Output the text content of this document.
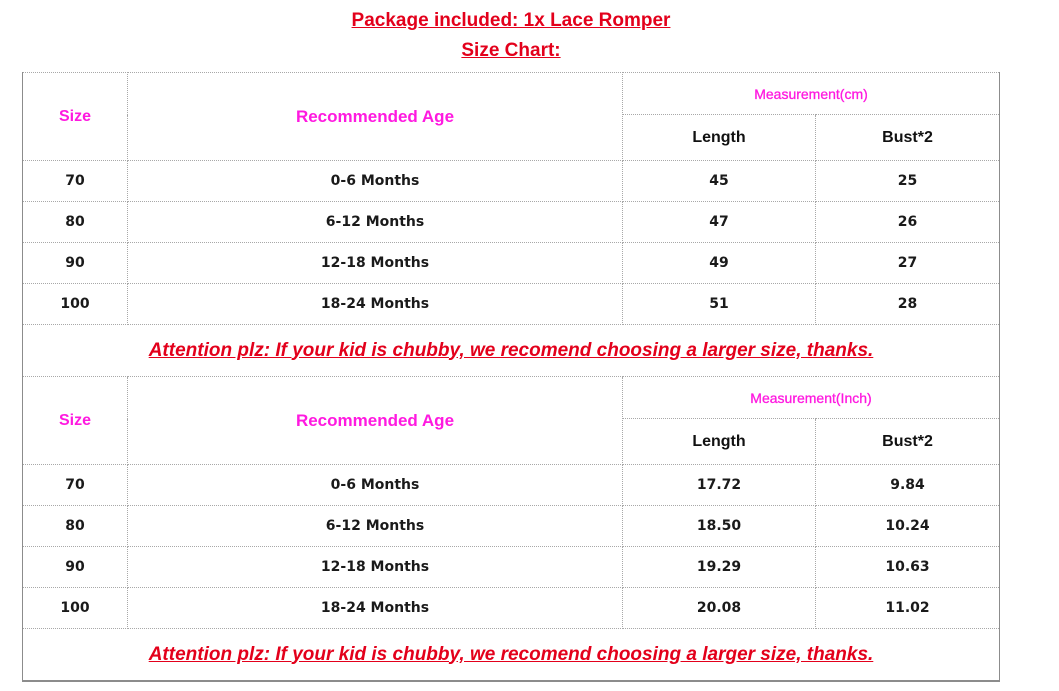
Package included: 1x Lace Romper
Size Chart:
Size	Recommended Age	Measurement(cm)	
		Length	Bust*2
70	0-6 Months	45	25
80	6-12 Months	47	26
90	12-18 Months	49	27
100	18-24 Months	51	28
Attention plz: If your kid is chubby, we recomend choosing a larger size, thanks.			
Size	Recommended Age	Measurement(Inch)	
		Length	Bust*2
70	0-6 Months	17.72	9.84
80	6-12 Months	18.50	10.24
90	12-18 Months	19.29	10.63
100	18-24 Months	20.08	11.02
Attention plz: If your kid is chubby, we recomend choosing a larger size, thanks.			
